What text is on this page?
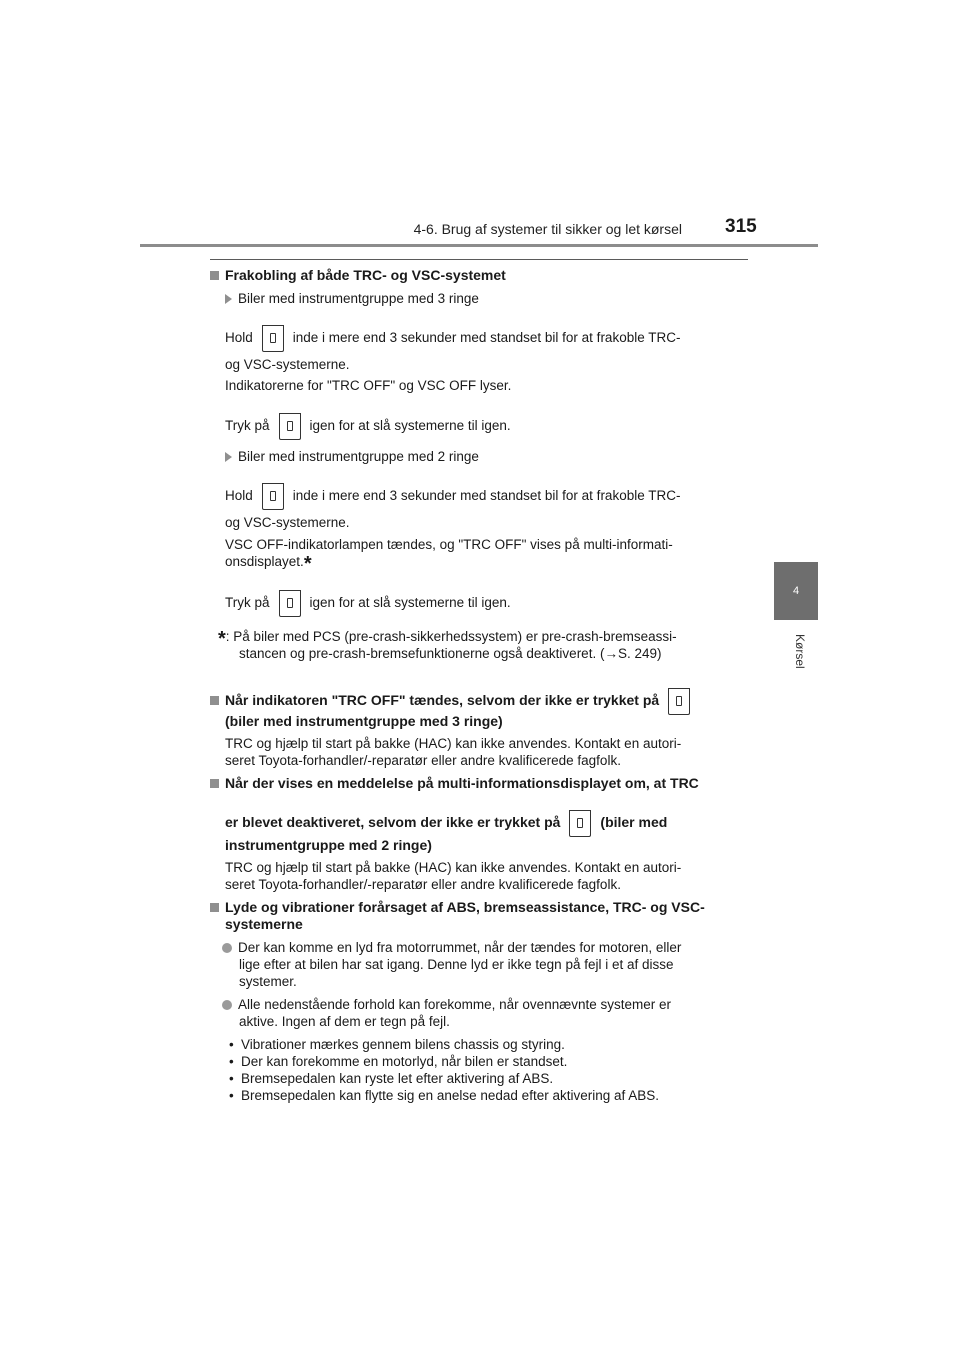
4-6. Brug af systemer til sikker og let kørsel 315
4
Kørsel
Frakobling af både TRC- og VSC-systemet
Biler med instrumentgruppe med 3 ringe
Hold	inde i mere end 3 sekunder med standset bil for at frakoble TRC-
og VSC-systemerne.
Indikatorerne for "TRC OFF" og VSC OFF lyser.
Tryk på	igen for at slå systemerne til igen.
Biler med instrumentgruppe med 2 ringe
Hold	inde i mere end 3 sekunder med standset bil for at frakoble TRC-
og VSC-systemerne.
VSC OFF-indikatorlampen tændes, og "TRC OFF" vises på multi-informati-
onsdisplayet.*
Tryk på	igen for at slå systemerne til igen.
*: På biler med PCS (pre-crash-sikkerhedssystem) er pre-crash-bremseassi-
stancen og pre-crash-bremsefunktionerne også deaktiveret. (→S. 249)
Når indikatoren "TRC OFF" tændes, selvom der ikke er trykket på
(biler med instrumentgruppe med 3 ringe)
TRC og hjælp til start på bakke (HAC) kan ikke anvendes. Kontakt en autori-
seret Toyota-forhandler/-reparatør eller andre kvalificerede fagfolk.
Når der vises en meddelelse på multi-informationsdisplayet om, at TRC
er blevet deaktiveret, selvom der ikke er trykket på	(biler med
instrumentgruppe med 2 ringe)
TRC og hjælp til start på bakke (HAC) kan ikke anvendes. Kontakt en autori-
seret Toyota-forhandler/-reparatør eller andre kvalificerede fagfolk.
Lyde og vibrationer forårsaget af ABS, bremseassistance, TRC- og VSC-
systemerne
Der kan komme en lyd fra motorrummet, når der tændes for motoren, eller
lige efter at bilen har sat igang. Denne lyd er ikke tegn på fejl i et af disse
systemer.
Alle nedenstående forhold kan forekomme, når ovennævnte systemer er
aktive. Ingen af dem er tegn på fejl.
• Vibrationer mærkes gennem bilens chassis og styring.
• Der kan forekomme en motorlyd, når bilen er standset.
• Bremsepedalen kan ryste let efter aktivering af ABS.
• Bremsepedalen kan flytte sig en anelse nedad efter aktivering af ABS.
